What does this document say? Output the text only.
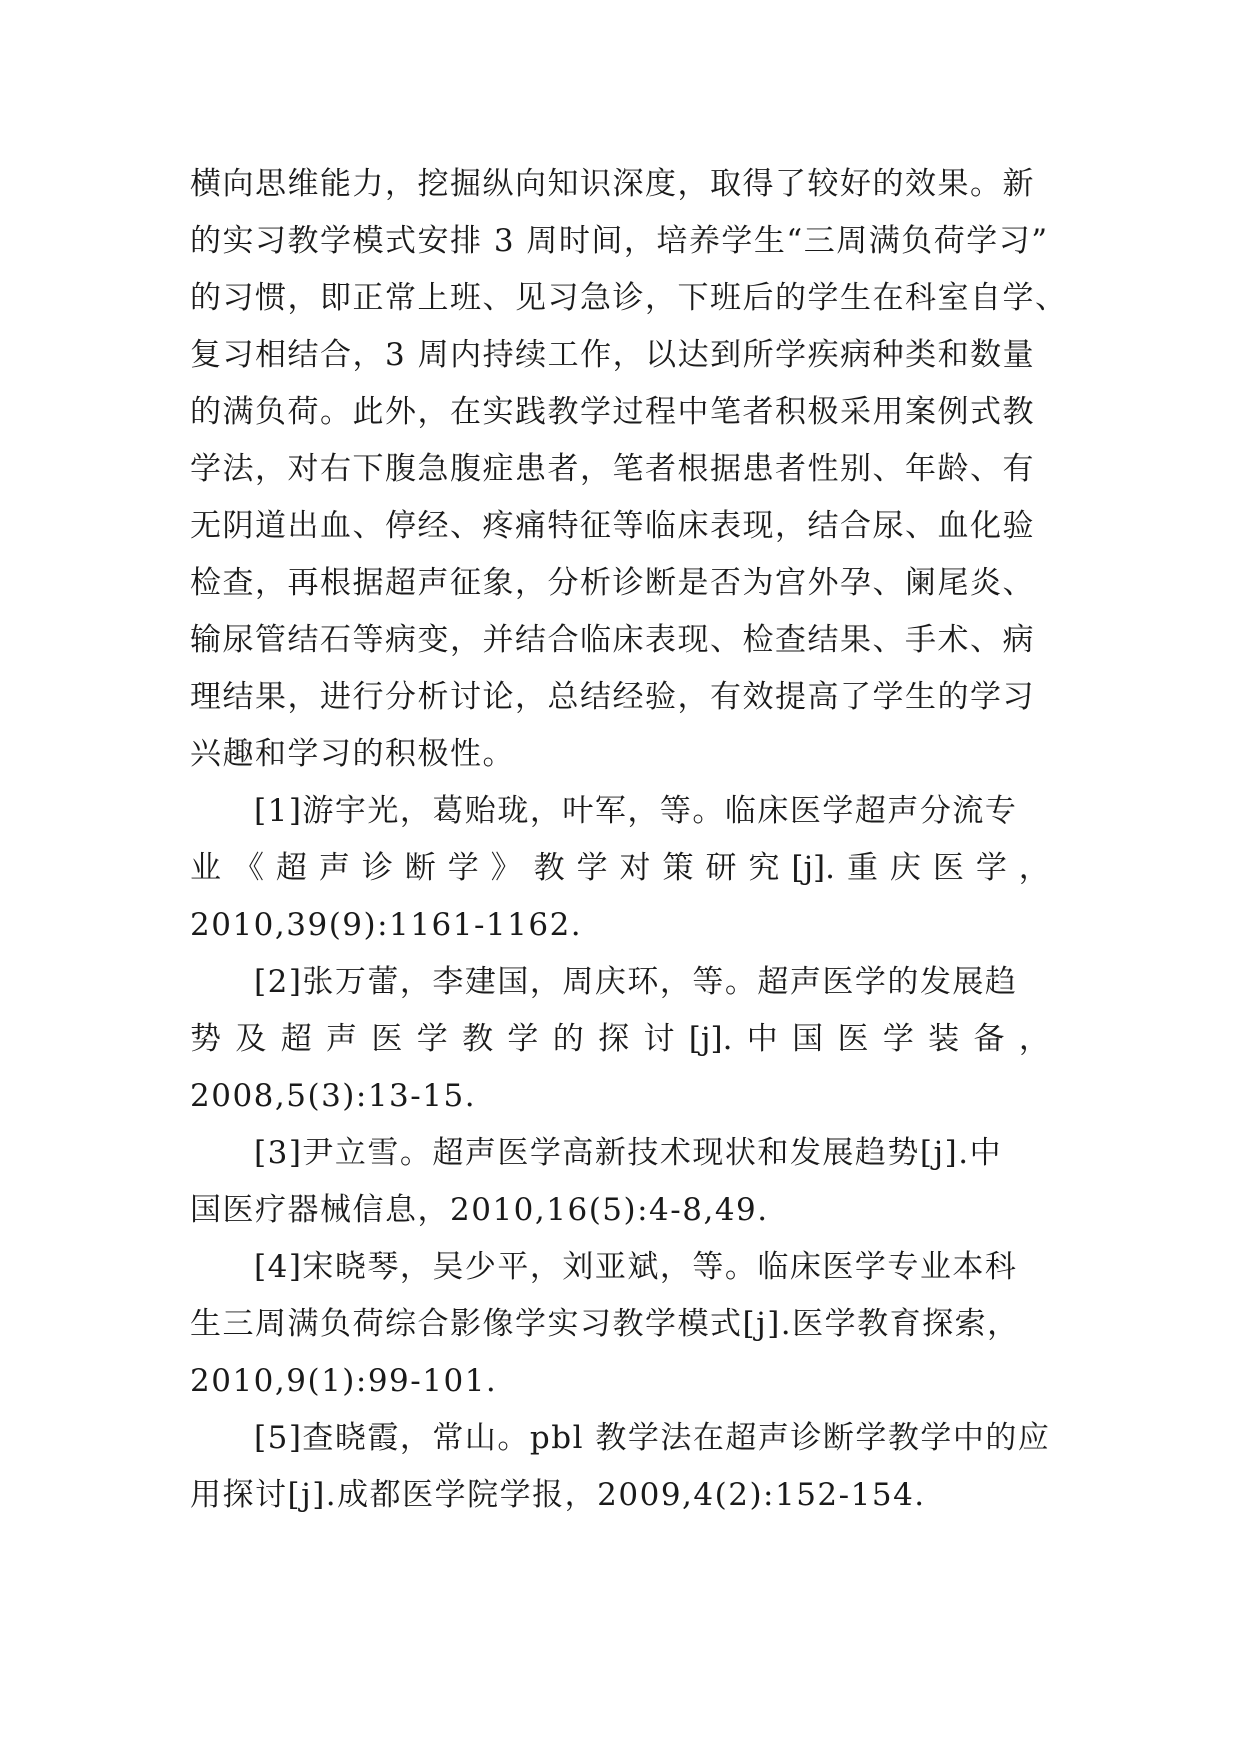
横向思维能力，挖掘纵向知识深度，取得了较好的效果。新
的实习教学模式安排 3 周时间，培养学生“三周满负荷学习”
的习惯，即正常上班、见习急诊，下班后的学生在科室自学、
复习相结合，3 周内持续工作，以达到所学疾病种类和数量
的满负荷。此外，在实践教学过程中笔者积极采用案例式教
学法，对右下腹急腹症患者，笔者根据患者性别、年龄、有
无阴道出血、停经、疼痛特征等临床表现，结合尿、血化验
检查，再根据超声征象，分析诊断是否为宫外孕、阑尾炎、
输尿管结石等病变，并结合临床表现、检查结果、手术、病
理结果，进行分析讨论，总结经验，有效提高了学生的学习
兴趣和学习的积极性。
[1]游宇光，葛贻珑，叶军，等。临床医学超声分流专
业 《 超 声 诊 断 学 》 教 学 对 策 研 究 [j]. 重 庆 医 学 ，
2010,39(9):1161-1162.
[2]张万蕾，李建国，周庆环，等。超声医学的发展趋
势 及 超 声 医 学 教 学 的 探 讨 [j]. 中 国 医 学 装 备 ，
2008,5(3):13-15.
[3]尹立雪。超声医学高新技术现状和发展趋势[j].中
国医疗器械信息，2010,16(5):4-8,49.
[4]宋晓琴，吴少平，刘亚斌，等。临床医学专业本科
生三周满负荷综合影像学实习教学模式[j].医学教育探索，
2010,9(1):99-101.
[5]查晓霞，常山。pbl 教学法在超声诊断学教学中的应
用探讨[j].成都医学院学报，2009,4(2):152-154.
